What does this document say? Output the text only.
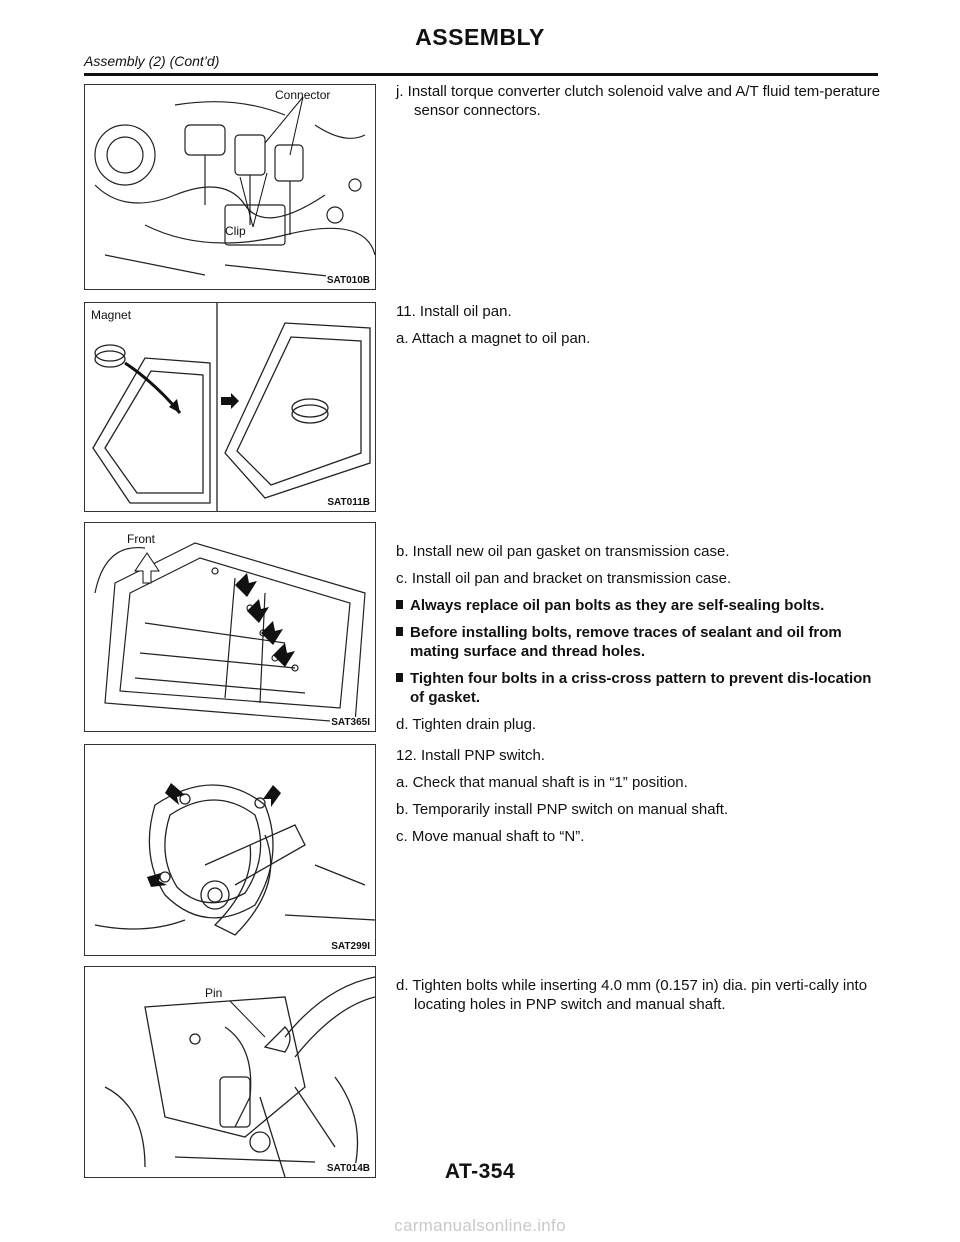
ASSEMBLY
Assembly (2) (Cont’d)
Connector
Clip
SAT010B
Magnet
SAT011B
Front
SAT365I
SAT299I
Pin
SAT014B

j. Install torque converter clutch solenoid valve and A/T fluid tem-perature sensor connectors.

11. Install oil pan.

a. Attach a magnet to oil pan.

b. Install new oil pan gasket on transmission case.

c. Install oil pan and bracket on transmission case.

Always replace oil pan bolts as they are self-sealing bolts.

Before installing bolts, remove traces of sealant and oil from mating surface and thread holes.

Tighten four bolts in a criss-cross pattern to prevent dis-location of gasket.

d. Tighten drain plug.

12. Install PNP switch.

a. Check that manual shaft is in “1” position.

b. Temporarily install PNP switch on manual shaft.

c. Move manual shaft to “N”.

d. Tighten bolts while inserting 4.0 mm (0.157 in) dia. pin verti-cally into locating holes in PNP switch and manual shaft.

AT-354
carmanualsonline.info
